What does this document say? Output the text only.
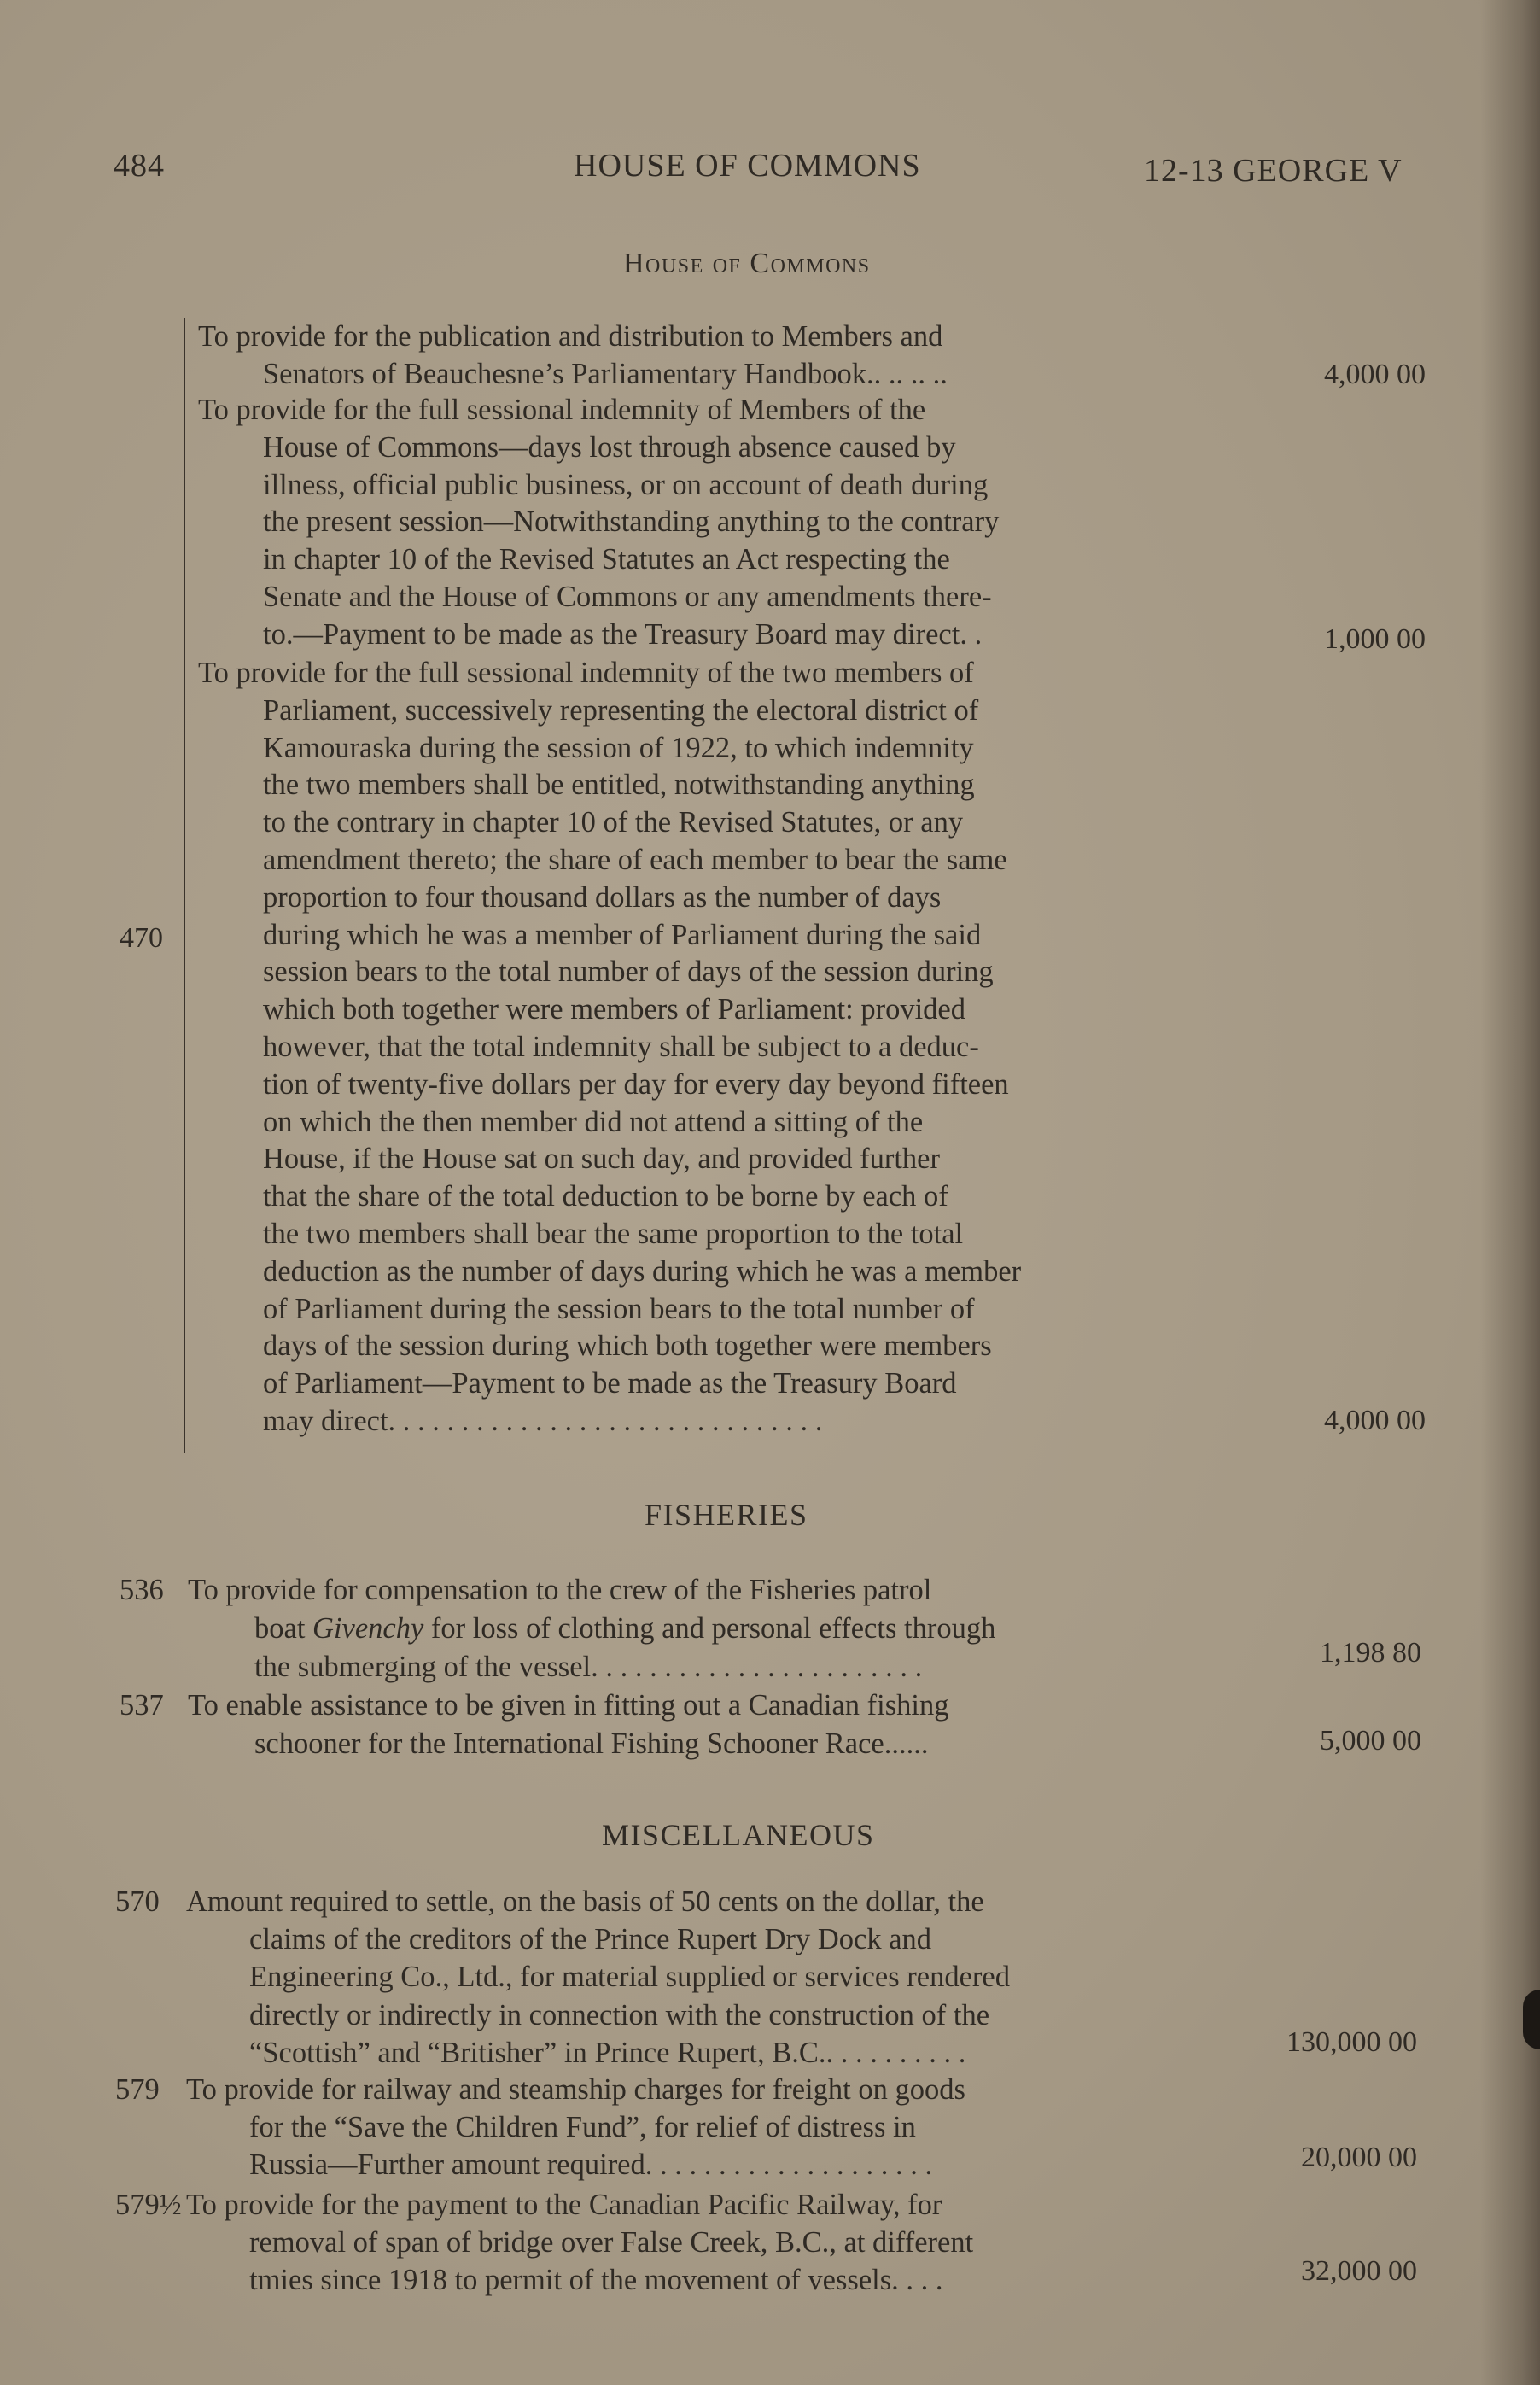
484	HOUSE OF COMMONS	12-13 GEORGE V
House of Commons
470
To provide for the publication and distribution to Members and
Senators of Beauchesne’s Parliamentary Handbook.. .. .. ..	4,000 00
To provide for the full sessional indemnity of Members of the
House of Commons—days lost through absence caused by
illness, official public business, or on account of death during
the present session—Notwithstanding anything to the contrary
in chapter 10 of the Revised Statutes an Act respecting the
Senate and the House of Commons or any amendments there-
to.—Payment to be made as the Treasury Board may direct. .	1,000 00
To provide for the full sessional indemnity of the two members of
Parliament, successively representing the electoral district of
Kamouraska during the session of 1922, to which indemnity
the two members shall be entitled, notwithstanding anything
to the contrary in chapter 10 of the Revised Statutes, or any
amendment thereto; the share of each member to bear the same
proportion to four thousand dollars as the number of days
during which he was a member of Parliament during the said
session bears to the total number of days of the session during
which both together were members of Parliament: provided
however, that the total indemnity shall be subject to a deduc-
tion of twenty-five dollars per day for every day beyond fifteen
on which the then member did not attend a sitting of the
House, if the House sat on such day, and provided further
that the share of the total deduction to be borne by each of
the two members shall bear the same proportion to the total
deduction as the number of days during which he was a member
of Parliament during the session bears to the total number of
days of the session during which both together were members
of Parliament—Payment to be made as the Treasury Board
may direct. . . . . . . . . . . . . . . . . . . . . . . . . . . . . .	4,000 00
FISHERIES
536 To provide for compensation to the crew of the Fisheries patrol
boat Givenchy for loss of clothing and personal effects through
the submerging of the vessel. . . . . . . . . . . . . . . . . . . . . . .	1,198 80
537 To enable assistance to be given in fitting out a Canadian fishing
schooner for the International Fishing Schooner Race......	5,000 00
MISCELLANEOUS
570 Amount required to settle, on the basis of 50 cents on the dollar, the
claims of the creditors of the Prince Rupert Dry Dock and
Engineering Co., Ltd., for material supplied or services rendered
directly or indirectly in connection with the construction of the
“Scottish” and “Britisher” in Prince Rupert, B.C.. . . . . . . . . .	130,000 00
579 To provide for railway and steamship charges for freight on goods
for the “Save the Children Fund”, for relief of distress in
Russia—Further amount required. . . . . . . . . . . . . . . . . . . .	20,000 00
579½ To provide for the payment to the Canadian Pacific Railway, for
removal of span of bridge over False Creek, B.C., at different
tmies since 1918 to permit of the movement of vessels. . . .	32,000 00
